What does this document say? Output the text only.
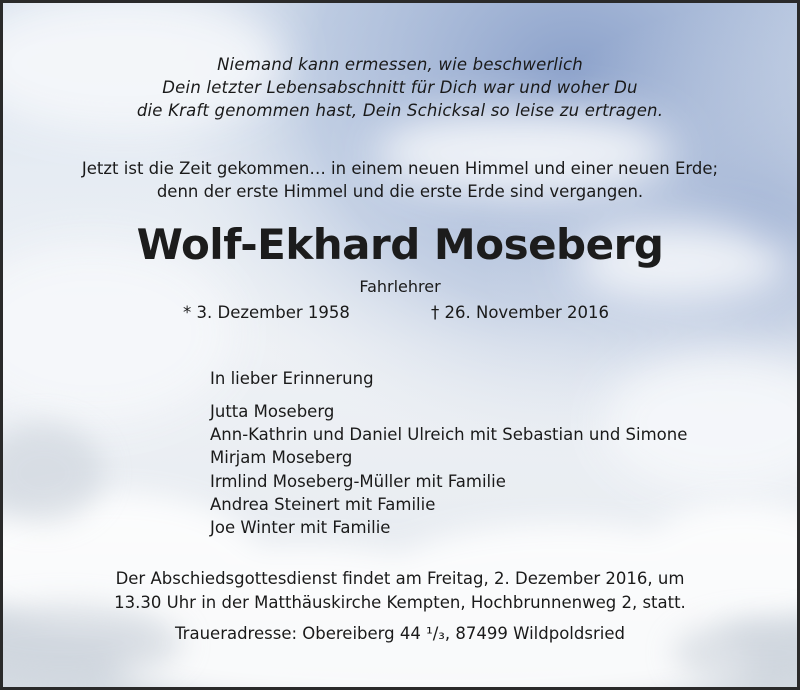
Niemand kann ermessen, wie beschwerlich
Dein letzter Lebensabschnitt für Dich war und woher Du
die Kraft genommen hast, Dein Schicksal so leise zu ertragen.
Jetzt ist die Zeit gekommen… in einem neuen Himmel und einer neuen Erde;
denn der erste Himmel und die erste Erde sind vergangen.
Wolf-Ekhard Moseberg
Fahrlehrer
* 3. Dezember 1958	† 26. November 2016
In lieber Erinnerung
Jutta Moseberg
Ann-Kathrin und Daniel Ulreich mit Sebastian und Simone
Mirjam Moseberg
Irmlind Moseberg-Müller mit Familie
Andrea Steinert mit Familie
Joe Winter mit Familie
Der Abschiedsgottesdienst findet am Freitag, 2. Dezember 2016, um
13.30 Uhr in der Matthäuskirche Kempten, Hochbrunnenweg 2, statt.
Traueradresse: Obereiberg 44 ¹/₃, 87499 Wildpoldsried
